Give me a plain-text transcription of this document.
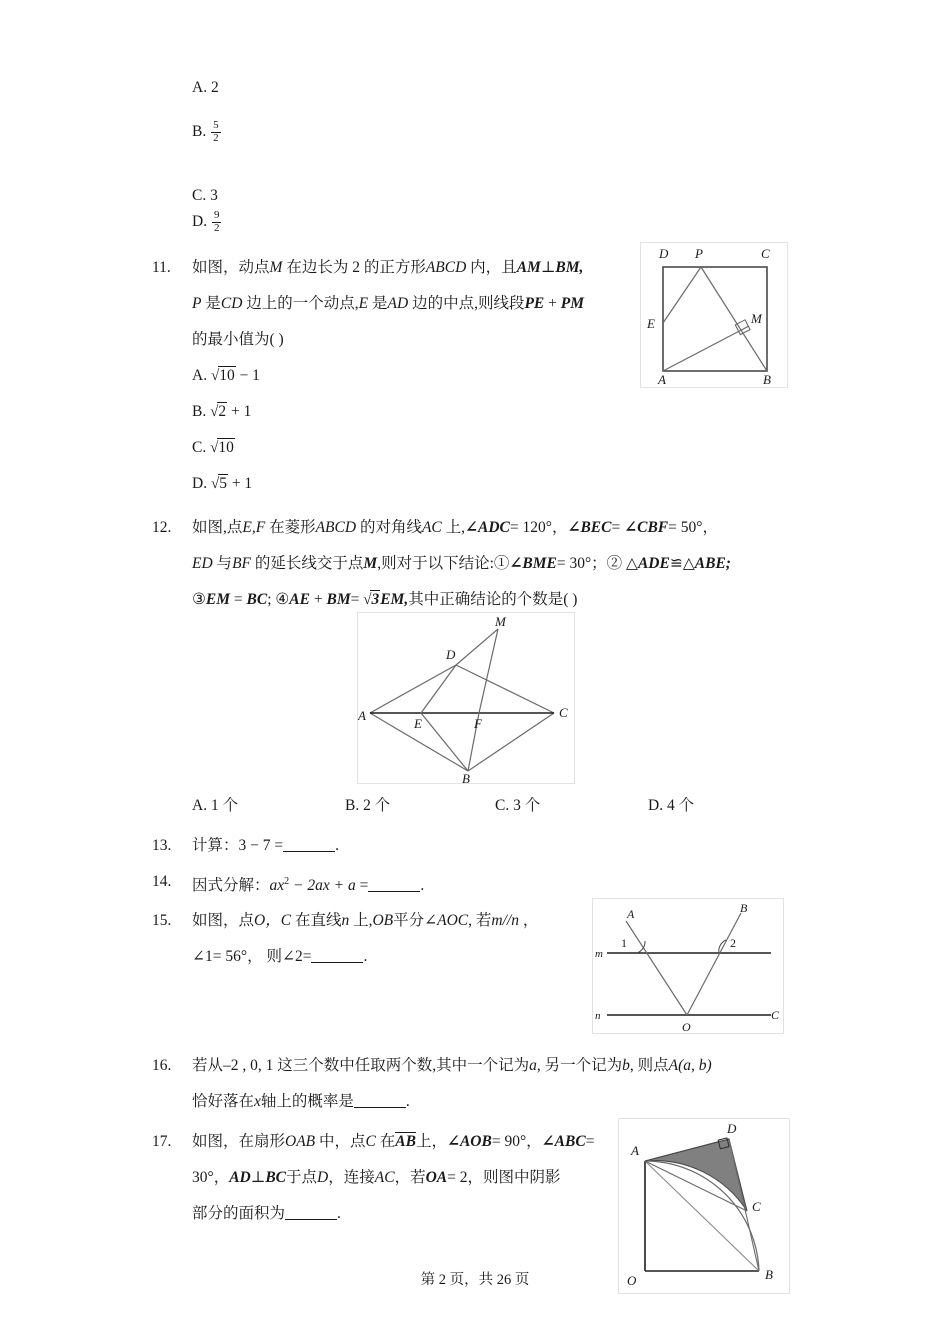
A. 2
B. $\frac{5}{2}$
C. 3
D. $\frac{9}{2}$
11. 如图，动点M 在边长为 2 的正方形ABCD 内，且AM⊥BM,
P 是CD 边上的一个动点,E 是AD 边的中点,则线段PE + PM
的最小值为( )
A. √10 − 1
B. √2 + 1
C. √10
D. √5 + 1
D P	C
E	M
A	B
12. 如图,点E,F 在菱形ABCD 的对角线AC 上,∠ADC= 120°，∠BEC= ∠CBF= 50°，
ED 与BF 的延长线交于点M,则对于以下结论:①∠BME= 30°；② △ADE≌△ABE;
③EM = BC; ④AE + BM= √3EM,其中正确结论的个数是( )
M
D
A	C
E	F
B
A. 1 个	B. 2 个	C. 3 个	D. 4 个
13. 计算：3 − 7 =	.
14. 因式分解：$ax^2 - 2ax + a$ =	.
15. 如图，点O，C 在直线n 上,OB平分∠AOC, 若m//n ，
∠1= 56°， 则∠2=	.
A	B
m
n	C
O
1	2
16. 若从–2 , 0, 1 这三个数中任取两个数,其中一个记为a, 另一个记为b, 则点A(a, b)
恰好落在x轴上的概率是	.
17. 如图，在扇形OAB 中，点C 在AB上，∠AOB= 90°，∠ABC=
30°，AD⊥BC于点D，连接AC，若OA= 2，则图中阴影
部分的面积为	.
D
A
C
O	B
第 2 页，共 26 页
